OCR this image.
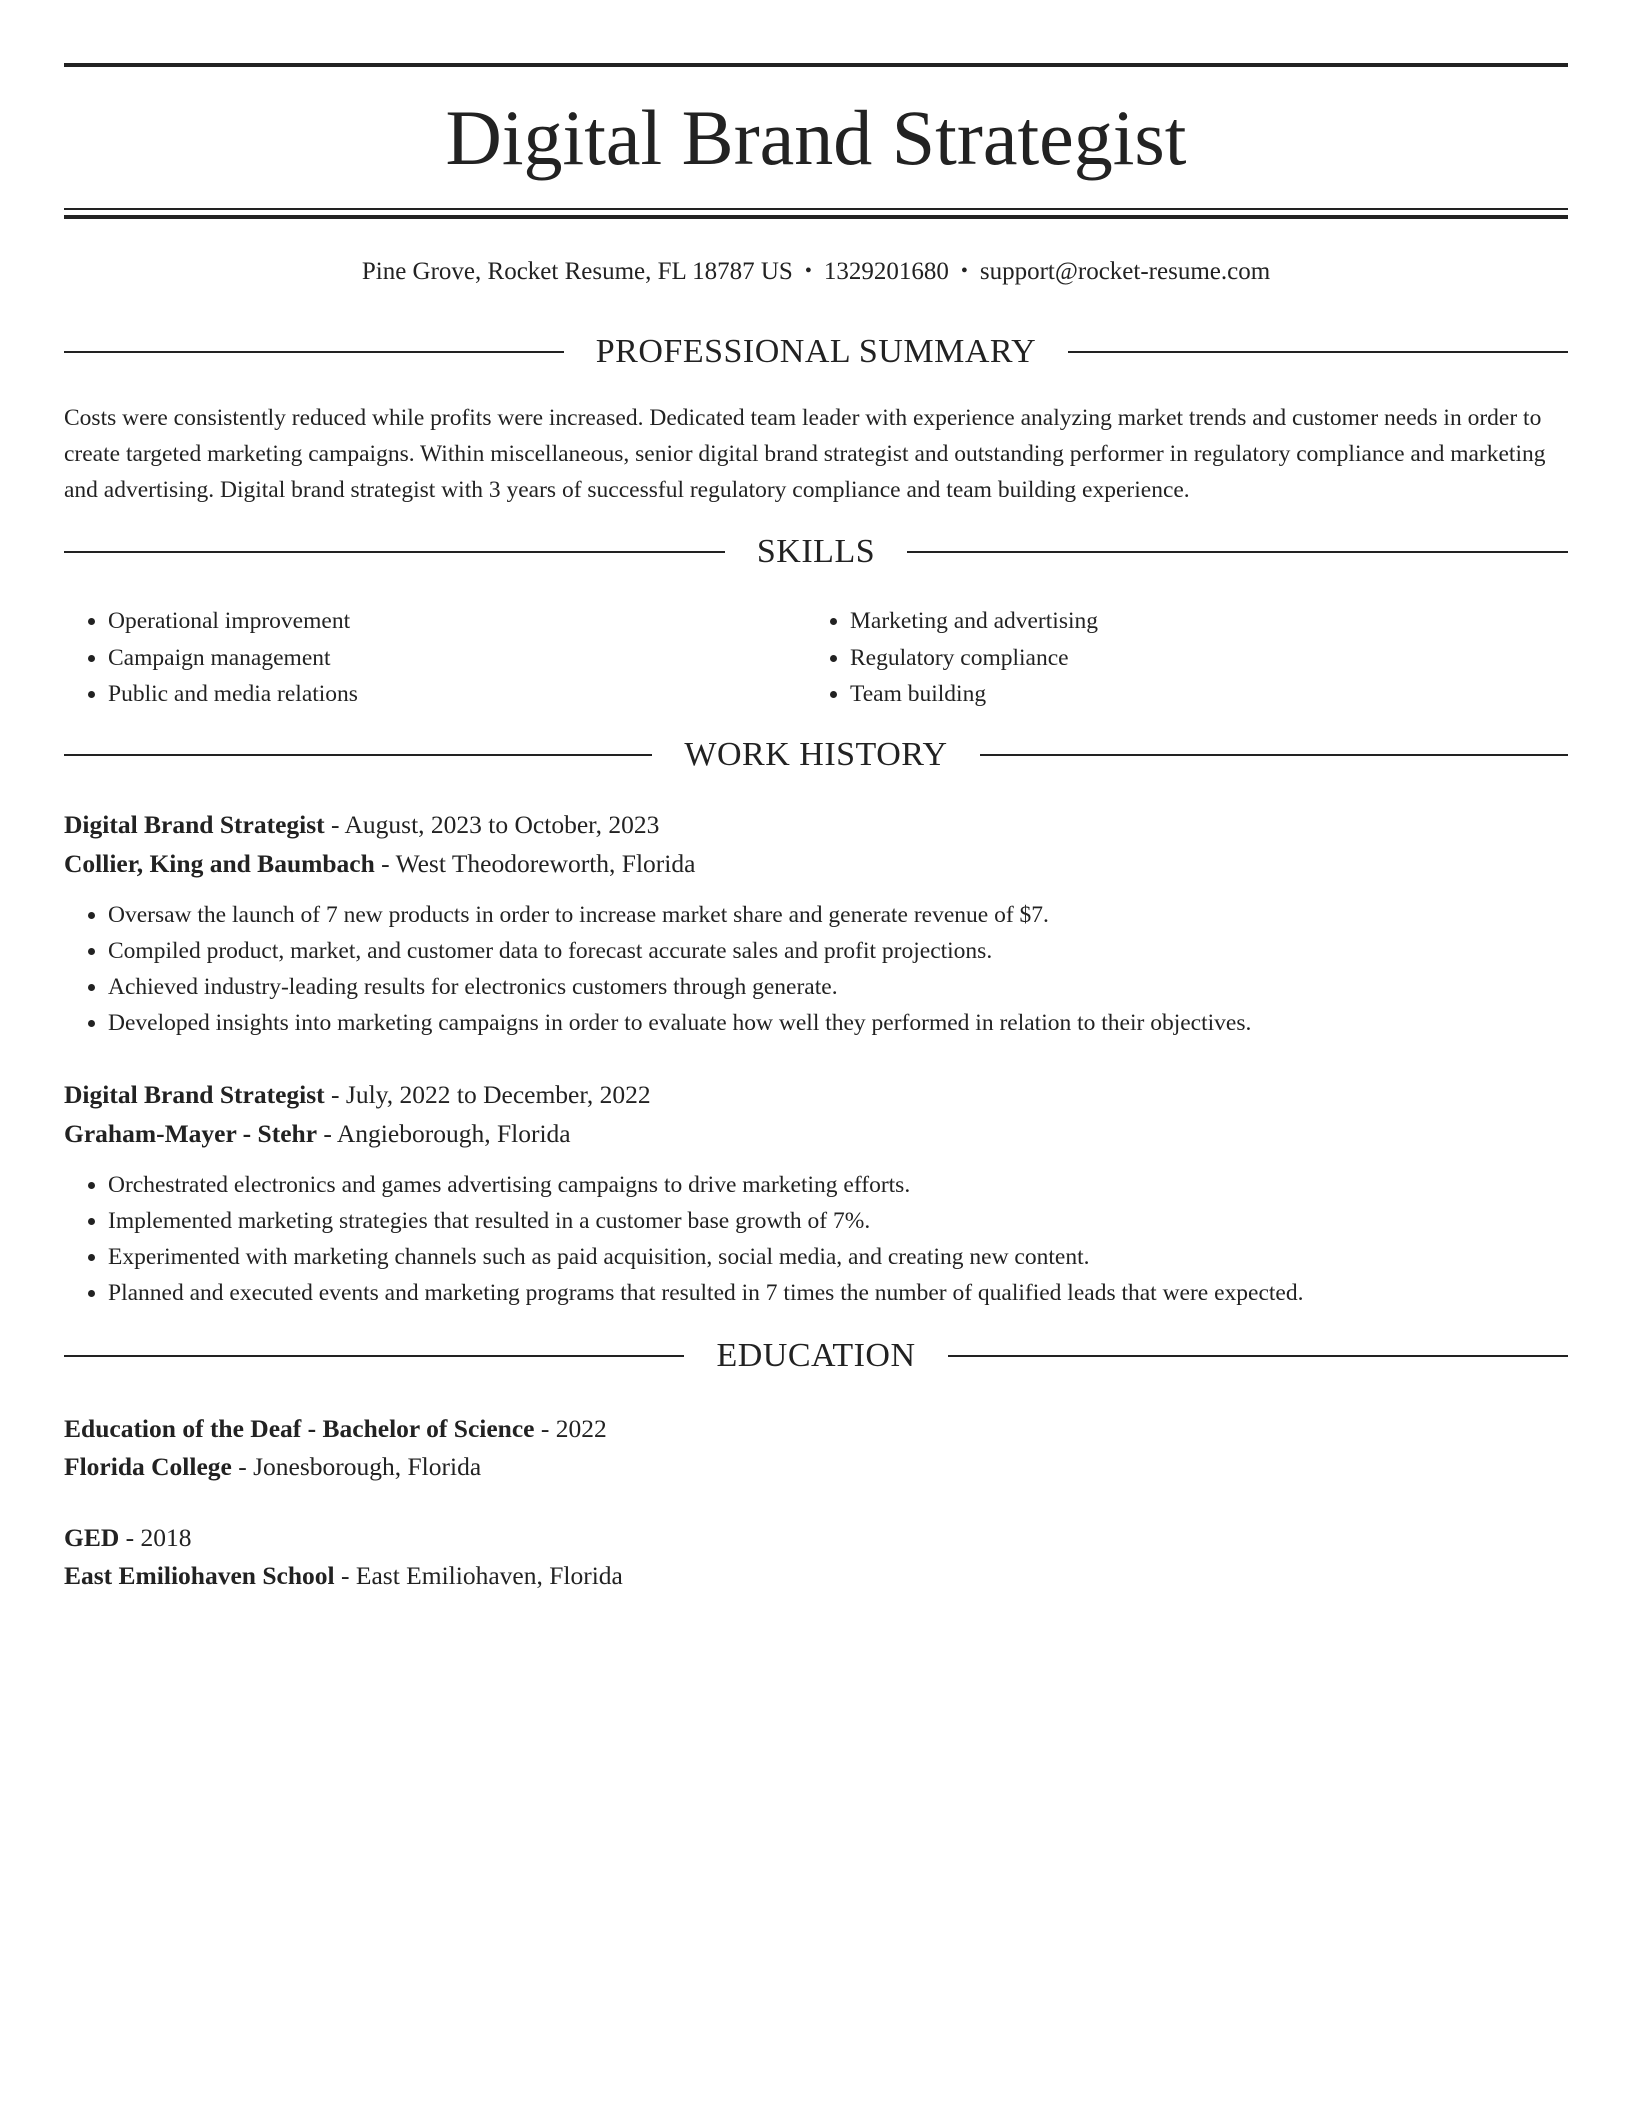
Digital Brand Strategist
Pine Grove, Rocket Resume, FL 18787 US • 1329201680 • support@rocket-resume.com
PROFESSIONAL SUMMARY

Costs were consistently reduced while profits were increased. Dedicated team leader with experience analyzing market trends and customer needs in order to create targeted marketing campaigns. Within miscellaneous, senior digital brand strategist and outstanding performer in regulatory compliance and marketing and advertising. Digital brand strategist with 3 years of successful regulatory compliance and team building experience.

SKILLS
• Operational improvement
• Campaign management
• Public and media relations
• Marketing and advertising
• Regulatory compliance
• Team building
WORK HISTORY
Digital Brand Strategist - August, 2023 to October, 2023
Collier, King and Baumbach - West Theodoreworth, Florida
• Oversaw the launch of 7 new products in order to increase market share and generate revenue of $7.
• Compiled product, market, and customer data to forecast accurate sales and profit projections.
• Achieved industry-leading results for electronics customers through generate.
• Developed insights into marketing campaigns in order to evaluate how well they performed in relation to their objectives.
Digital Brand Strategist - July, 2022 to December, 2022
Graham-Mayer - Stehr - Angieborough, Florida
• Orchestrated electronics and games advertising campaigns to drive marketing efforts.
• Implemented marketing strategies that resulted in a customer base growth of 7%.
• Experimented with marketing channels such as paid acquisition, social media, and creating new content.
• Planned and executed events and marketing programs that resulted in 7 times the number of qualified leads that were expected.
EDUCATION
Education of the Deaf - Bachelor of Science - 2022
Florida College - Jonesborough, Florida
GED - 2018
East Emiliohaven School - East Emiliohaven, Florida
